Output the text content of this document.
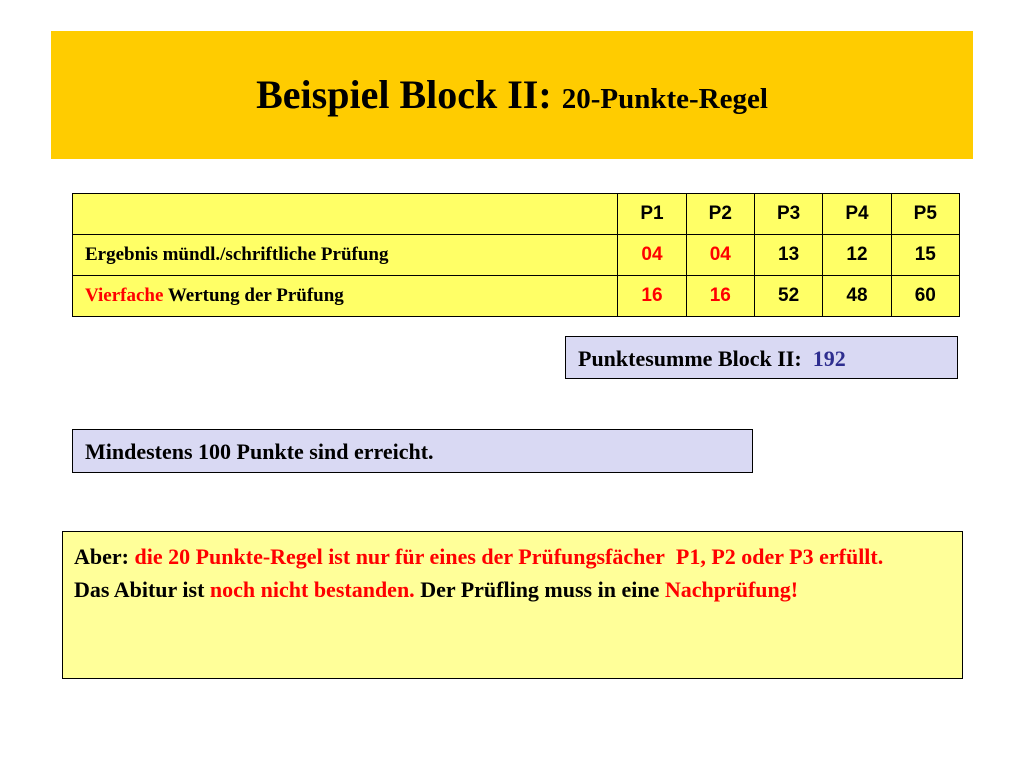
Beispiel Block II: 20-Punkte-Regel
	P1	P2	P3	P4	P5
Ergebnis mündl./schriftliche Prüfung	04	04	13	12	15
Vierfache Wertung der Prüfung	16	16	52	48	60
Punktesumme Block II: 192
Mindestens 100 Punkte sind erreicht.
Aber: die 20 Punkte-Regel ist nur für eines der Prüfungsfächer P1, P2 oder P3 erfüllt.
Das Abitur ist noch nicht bestanden. Der Prüfling muss in eine Nachprüfung!
